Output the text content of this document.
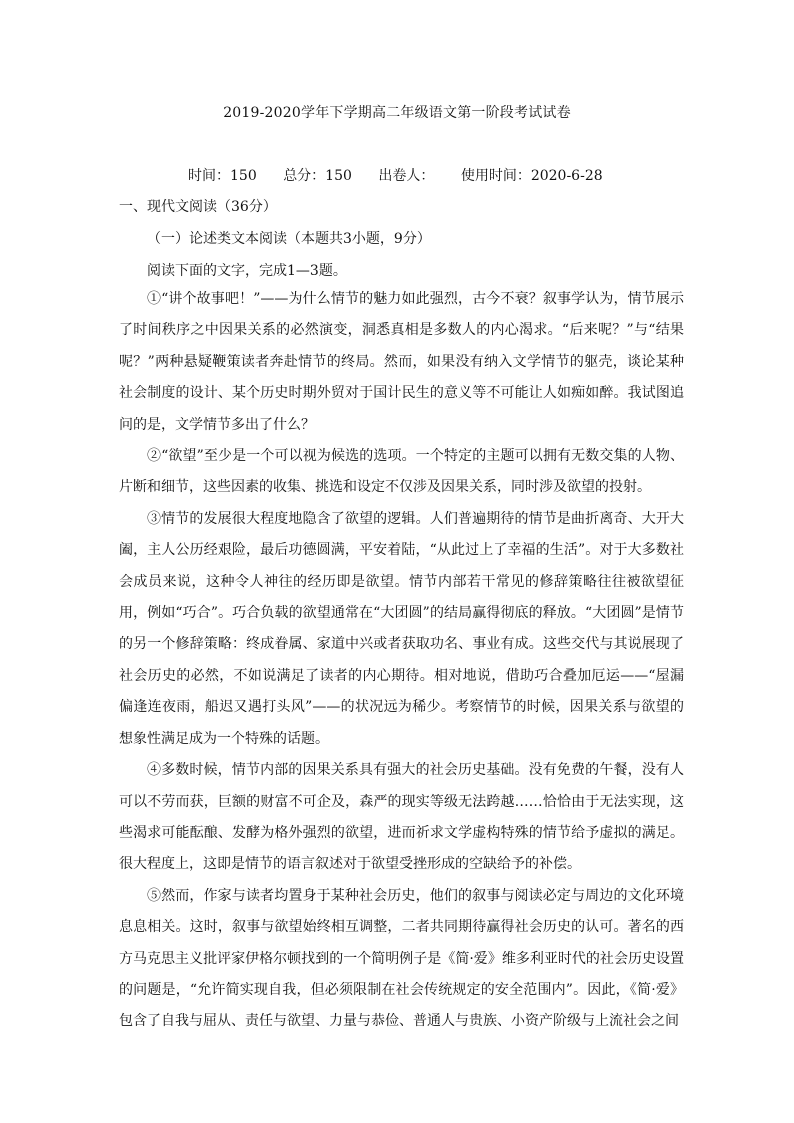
2019-2020学年下学期高二年级语文第一阶段考试试卷
时间：150 总分：150 出卷人： 使用时间：2020-6-28
一、现代文阅读（36分）
（一）论述类文本阅读（本题共3小题，9分）
阅读下面的文字，完成1—3题。

①“讲个故事吧！”——为什么情节的魅力如此强烈，古今不衰？叙事学认为，情节展示了时间秩序之中因果关系的必然演变，洞悉真相是多数人的内心渴求。“后来呢？”与“结果呢？”两种悬疑鞭策读者奔赴情节的终局。然而，如果没有纳入文学情节的躯壳，谈论某种社会制度的设计、某个历史时期外贸对于国计民生的意义等不可能让人如痴如醉。我试图追问的是，文学情节多出了什么？

②“欲望”至少是一个可以视为候选的选项。一个特定的主题可以拥有无数交集的人物、片断和细节，这些因素的收集、挑选和设定不仅涉及因果关系，同时涉及欲望的投射。

③情节的发展很大程度地隐含了欲望的逻辑。人们普遍期待的情节是曲折离奇、大开大阖，主人公历经艰险，最后功德圆满，平安着陆，“从此过上了幸福的生活”。对于大多数社会成员来说，这种令人神往的经历即是欲望。情节内部若干常见的修辞策略往往被欲望征用，例如“巧合”。巧合负载的欲望通常在“大团圆”的结局赢得彻底的释放。“大团圆”是情节的另一个修辞策略：终成眷属、家道中兴或者获取功名、事业有成。这些交代与其说展现了社会历史的必然，不如说满足了读者的内心期待。相对地说，借助巧合叠加厄运——“屋漏偏逢连夜雨，船迟又遇打头风”——的状况远为稀少。考察情节的时候，因果关系与欲望的想象性满足成为一个特殊的话题。

④多数时候，情节内部的因果关系具有强大的社会历史基础。没有免费的午餐，没有人可以不劳而获，巨额的财富不可企及，森严的现实等级无法跨越……恰恰由于无法实现，这些渴求可能酝酿、发酵为格外强烈的欲望，进而祈求文学虚构特殊的情节给予虚拟的满足。很大程度上，这即是情节的语言叙述对于欲望受挫形成的空缺给予的补偿。

⑤然而，作家与读者均置身于某种社会历史，他们的叙事与阅读必定与周边的文化环境息息相关。这时，叙事与欲望始终相互调整，二者共同期待赢得社会历史的认可。著名的西方马克思主义批评家伊格尔顿找到的一个简明例子是《简·爱》维多利亚时代的社会历史设置的问题是，“允许简实现自我，但必须限制在社会传统规定的安全范围内”。因此，《简·爱》包含了自我与屈从、责任与欲望、力量与恭俭、普通人与贵族、小资产阶级与上流社会之间
